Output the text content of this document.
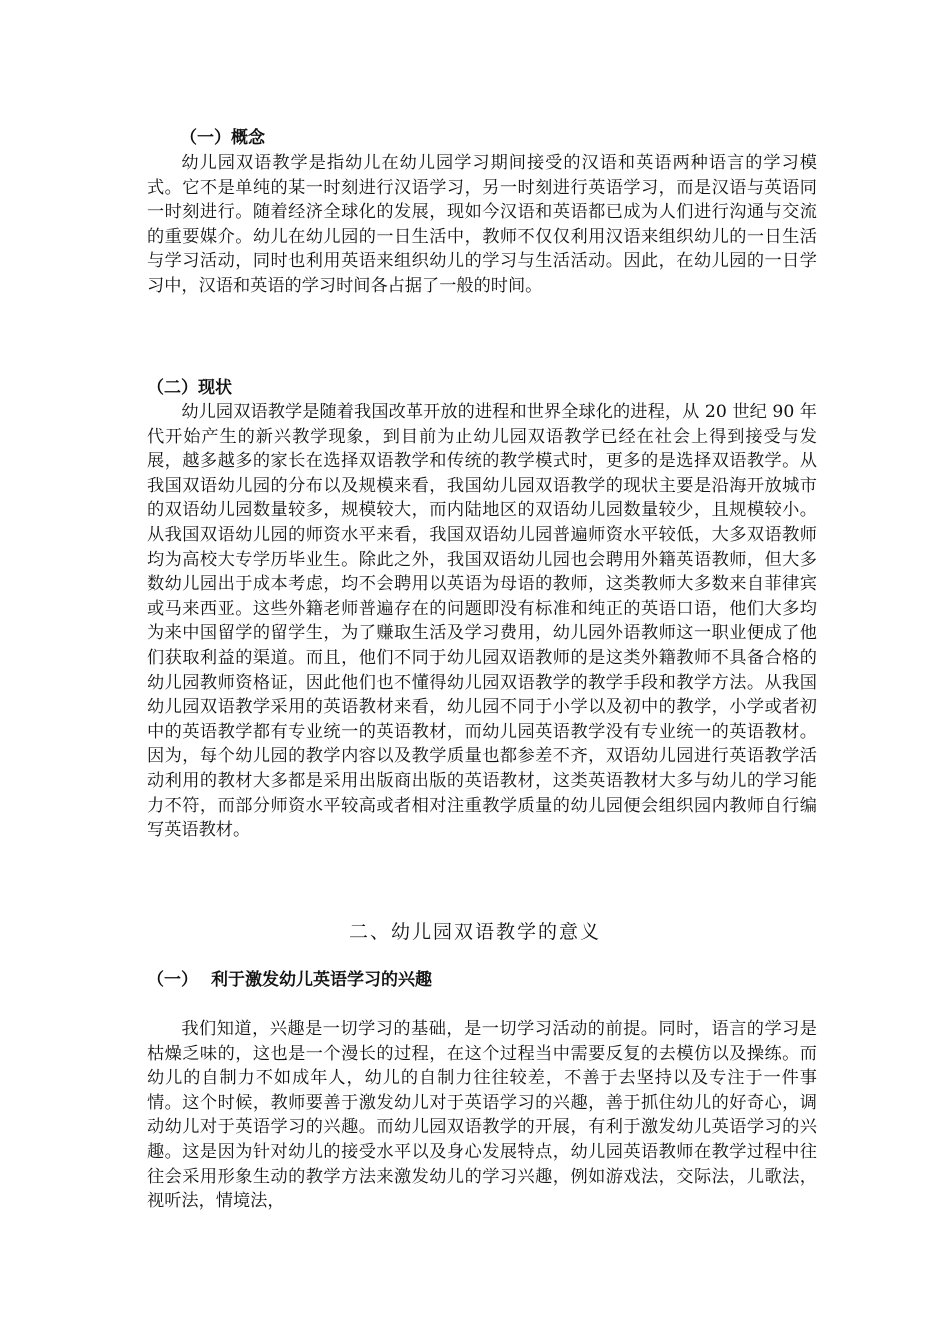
（一）概念

幼儿园双语教学是指幼儿在幼儿园学习期间接受的汉语和英语两种语言的学习模式。它不是单纯的某一时刻进行汉语学习，另一时刻进行英语学习，而是汉语与英语同一时刻进行。随着经济全球化的发展，现如今汉语和英语都已成为人们进行沟通与交流的重要媒介。幼儿在幼儿园的一日生活中，教师不仅仅利用汉语来组织幼儿的一日生活与学习活动，同时也利用英语来组织幼儿的学习与生活活动。因此，在幼儿园的一日学习中，汉语和英语的学习时间各占据了一般的时间。

（二）现状

幼儿园双语教学是随着我国改革开放的进程和世界全球化的进程，从 20 世纪 90 年代开始产生的新兴教学现象，到目前为止幼儿园双语教学已经在社会上得到接受与发展，越多越多的家长在选择双语教学和传统的教学模式时，更多的是选择双语教学。从我国双语幼儿园的分布以及规模来看，我国幼儿园双语教学的现状主要是沿海开放城市的双语幼儿园数量较多，规模较大，而内陆地区的双语幼儿园数量较少，且规模较小。从我国双语幼儿园的师资水平来看，我国双语幼儿园普遍师资水平较低，大多双语教师均为高校大专学历毕业生。除此之外，我国双语幼儿园也会聘用外籍英语教师，但大多数幼儿园出于成本考虑，均不会聘用以英语为母语的教师，这类教师大多数来自菲律宾或马来西亚。这些外籍老师普遍存在的问题即没有标准和纯正的英语口语，他们大多均为来中国留学的留学生，为了赚取生活及学习费用，幼儿园外语教师这一职业便成了他们获取利益的渠道。而且，他们不同于幼儿园双语教师的是这类外籍教师不具备合格的幼儿园教师资格证，因此他们也不懂得幼儿园双语教学的教学手段和教学方法。从我国幼儿园双语教学采用的英语教材来看，幼儿园不同于小学以及初中的教学，小学或者初中的英语教学都有专业统一的英语教材，而幼儿园英语教学没有专业统一的英语教材。因为，每个幼儿园的教学内容以及教学质量也都参差不齐，双语幼儿园进行英语教学活动利用的教材大多都是采用出版商出版的英语教材，这类英语教材大多与幼儿的学习能力不符，而部分师资水平较高或者相对注重教学质量的幼儿园便会组织园内教师自行编写英语教材。

二、幼儿园双语教学的意义
（一） 利于激发幼儿英语学习的兴趣

我们知道，兴趣是一切学习的基础，是一切学习活动的前提。同时，语言的学习是枯燥乏味的，这也是一个漫长的过程，在这个过程当中需要反复的去模仿以及操练。而幼儿的自制力不如成年人，幼儿的自制力往往较差，不善于去坚持以及专注于一件事情。这个时候，教师要善于激发幼儿对于英语学习的兴趣，善于抓住幼儿的好奇心，调动幼儿对于英语学习的兴趣。而幼儿园双语教学的开展，有利于激发幼儿英语学习的兴趣。这是因为针对幼儿的接受水平以及身心发展特点，幼儿园英语教师在教学过程中往往会采用形象生动的教学方法来激发幼儿的学习兴趣，例如游戏法，交际法，儿歌法，视听法，情境法，
